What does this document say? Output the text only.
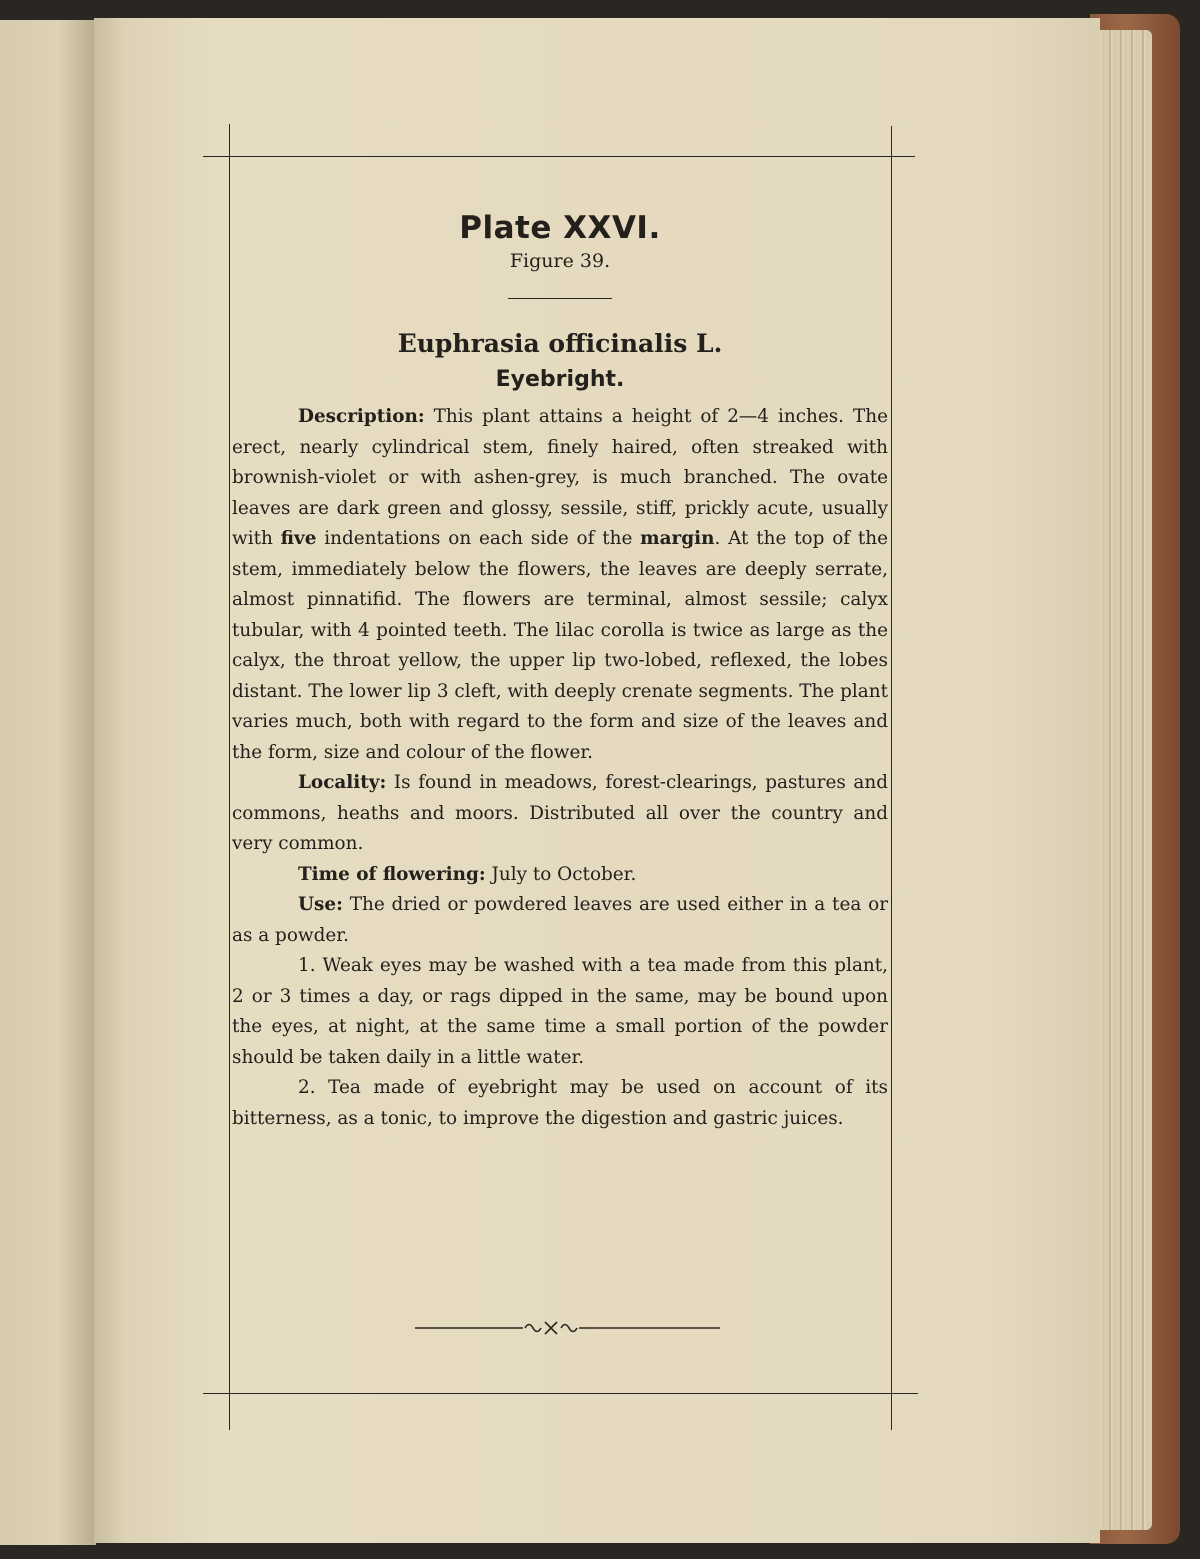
Plate XXVI.
Figure 39.
Euphrasia officinalis L.
Eyebright.

Description: This plant attains a height of 2—4 inches. The erect, nearly cylindrical stem, finely haired, often streaked with brownish-violet or with ashen-grey, is much branched. The ovate leaves are dark green and glossy, sessile, stiff, prickly acute, usually with five indentations on each side of the margin. At the top of the stem, immediately below the flowers, the leaves are deeply serrate, almost pinnatifid. The flowers are terminal, almost sessile; calyx tubular, with 4 pointed teeth. The lilac corolla is twice as large as the calyx, the throat yellow, the upper lip two-lobed, reflexed, the lobes distant. The lower lip 3 cleft, with deeply crenate segments. The plant varies much, both with regard to the form and size of the leaves and the form, size and colour of the flower.

Locality: Is found in meadows, forest-clearings, pastures and commons, heaths and moors. Distributed all over the country and very common.

Time of flowering: July to October.

Use: The dried or powdered leaves are used either in a tea or as a powder.

1. Weak eyes may be washed with a tea made from this plant, 2 or 3 times a day, or rags dipped in the same, may be bound upon the eyes, at night, at the same time a small portion of the powder should be taken daily in a little water.

2. Tea made of eyebright may be used on account of its bitterness, as a tonic, to improve the digestion and gastric juices.
